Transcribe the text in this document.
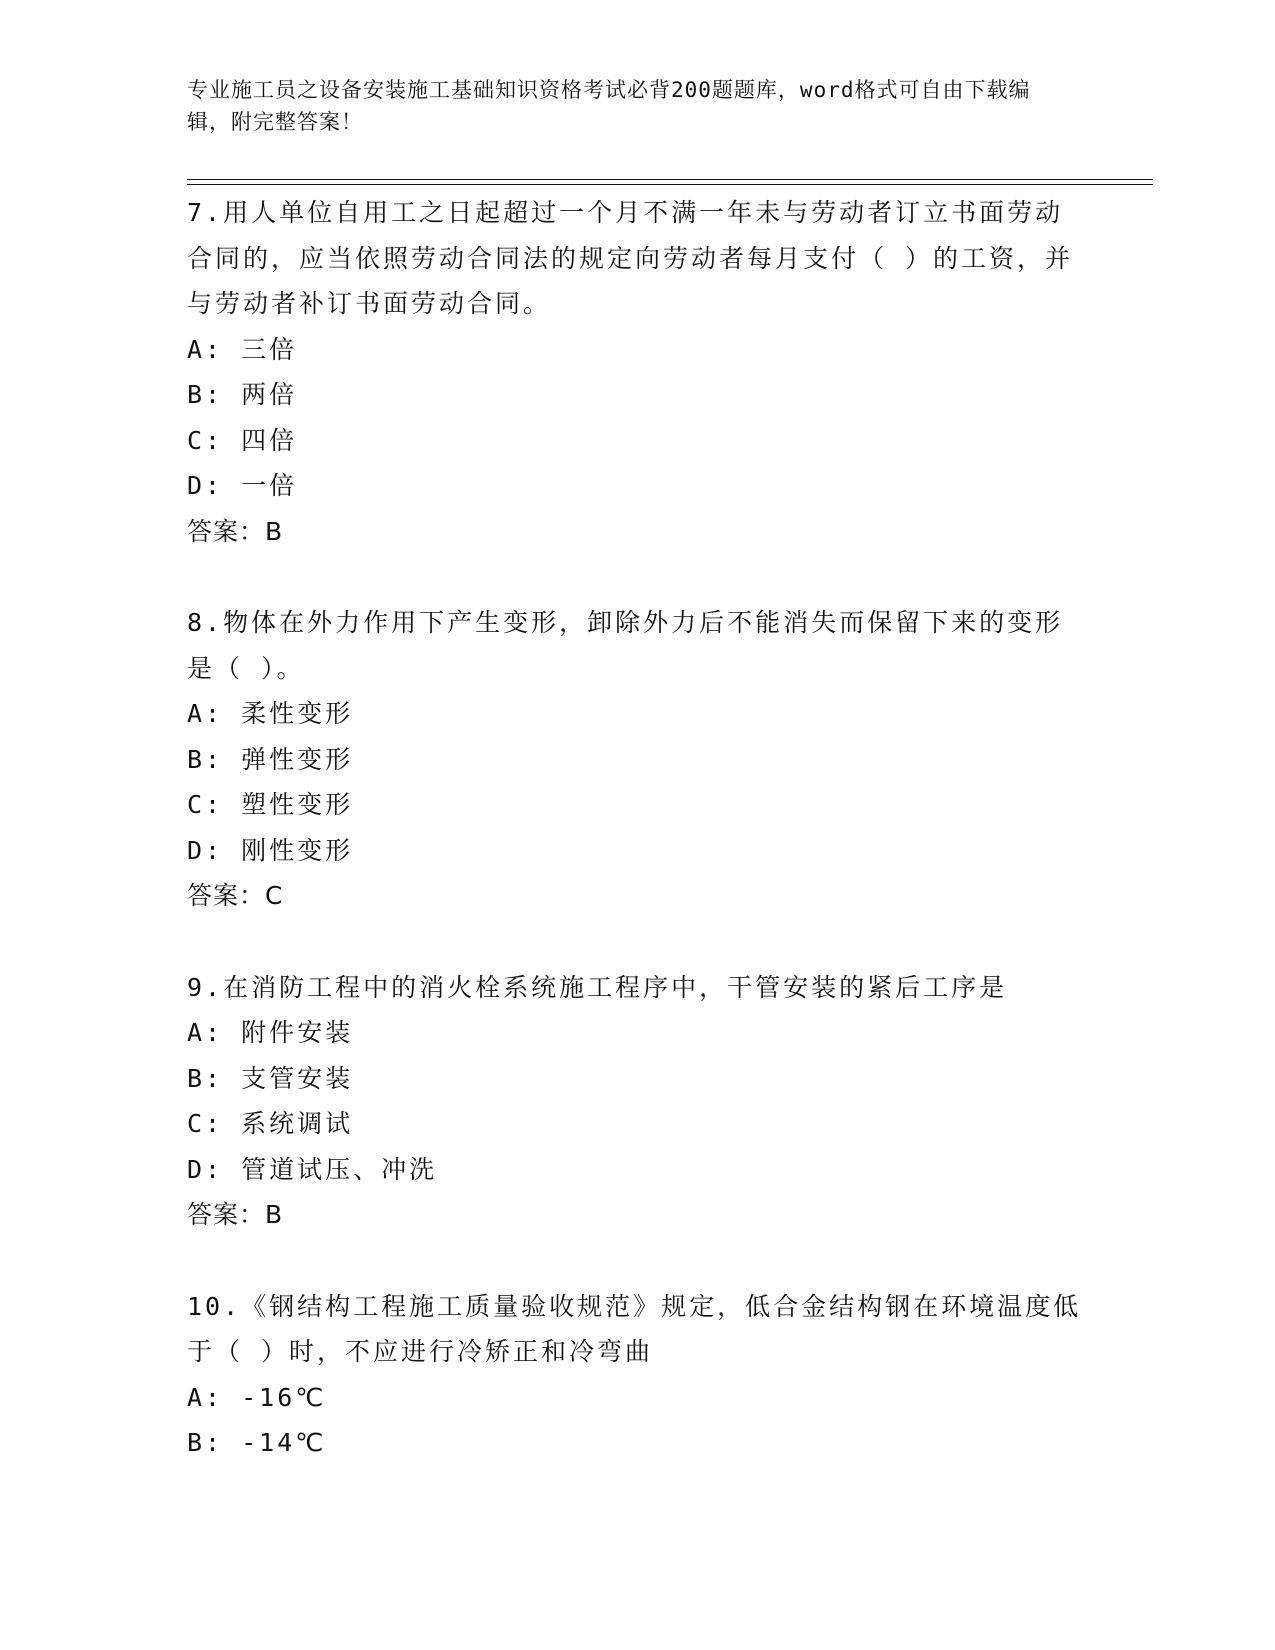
专业施工员之设备安装施工基础知识资格考试必背200题题库，word格式可自由下载编辑，附完整答案！
7.用人单位自用工之日起超过一个月不满一年未与劳动者订立书面劳动合同的，应当依照劳动合同法的规定向劳动者每月支付（ ）的工资，并与劳动者补订书面劳动合同。
A: 三倍
B: 两倍
C: 四倍
D: 一倍
答案：B
8.物体在外力作用下产生变形，卸除外力后不能消失而保留下来的变形是（ ）。
A: 柔性变形
B: 弹性变形
C: 塑性变形
D: 刚性变形
答案：C
9.在消防工程中的消火栓系统施工程序中，干管安装的紧后工序是
A: 附件安装
B: 支管安装
C: 系统调试
D: 管道试压、冲洗
答案：B
10.《钢结构工程施工质量验收规范》规定，低合金结构钢在环境温度低于（ ）时，不应进行冷矫正和冷弯曲
A: -16℃
B: -14℃
